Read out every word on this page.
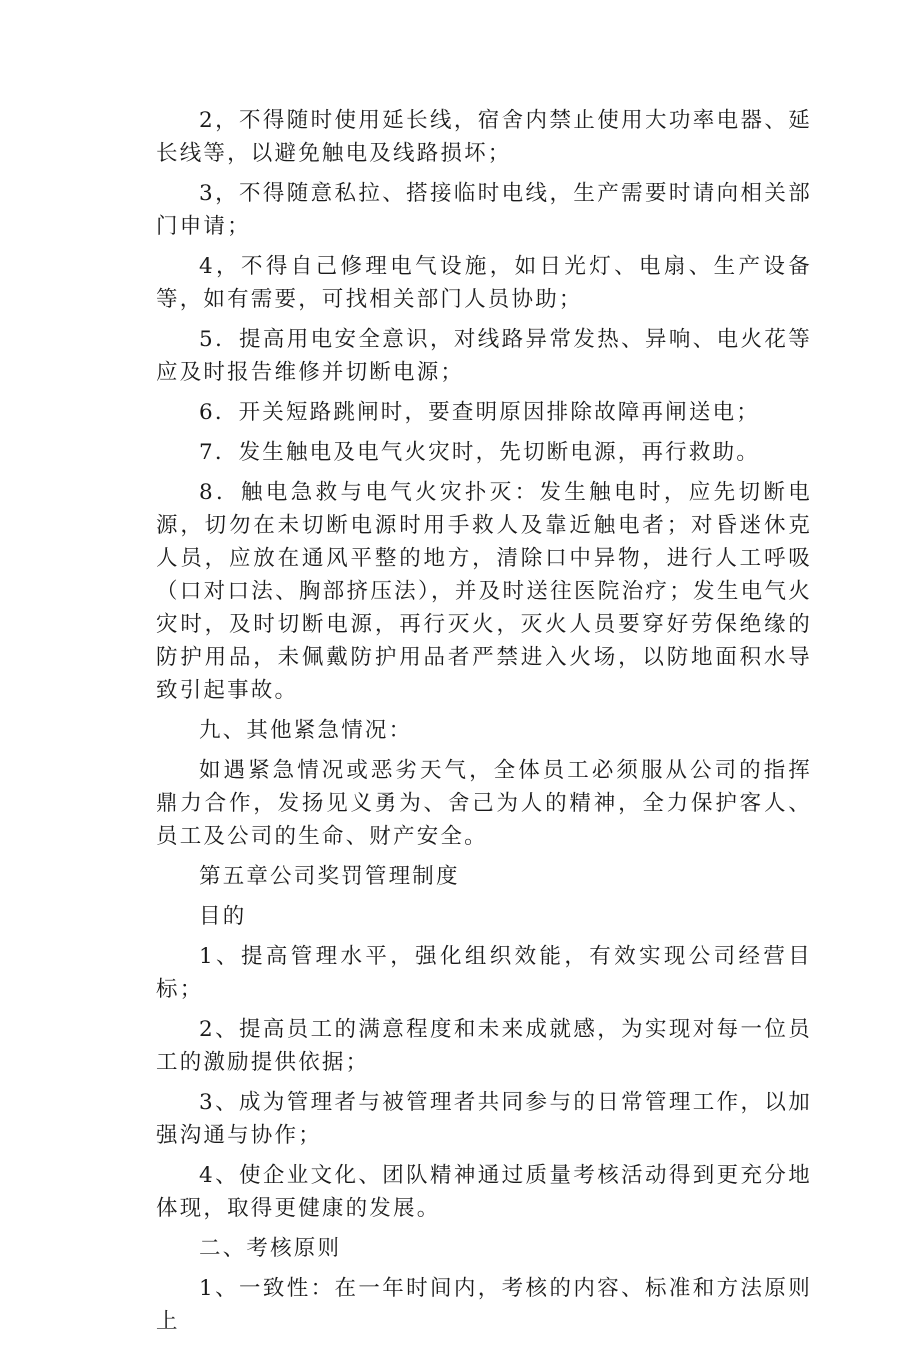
2，不得随时使用延长线，宿舍内禁止使用大功率电器、延长线等，以避免触电及线路损坏；

3，不得随意私拉、搭接临时电线，生产需要时请向相关部门申请；

4，不得自己修理电气设施，如日光灯、电扇、生产设备等，如有需要，可找相关部门人员协助；

5．提高用电安全意识，对线路异常发热、异响、电火花等应及时报告维修并切断电源；

6．开关短路跳闸时，要查明原因排除故障再闸送电；

7．发生触电及电气火灾时，先切断电源，再行救助。

8．触电急救与电气火灾扑灭：发生触电时，应先切断电源，切勿在未切断电源时用手救人及靠近触电者；对昏迷休克人员，应放在通风平整的地方，清除口中异物，进行人工呼吸（口对口法、胸部挤压法），并及时送往医院治疗；发生电气火灾时，及时切断电源，再行灭火，灭火人员要穿好劳保绝缘的防护用品，未佩戴防护用品者严禁进入火场，以防地面积水导致引起事故。

九、其他紧急情况：

如遇紧急情况或恶劣天气，全体员工必须服从公司的指挥鼎力合作，发扬见义勇为、舍己为人的精神，全力保护客人、员工及公司的生命、财产安全。

第五章公司奖罚管理制度

目的

1、提高管理水平，强化组织效能，有效实现公司经营目标；

2、提高员工的满意程度和未来成就感，为实现对每一位员工的激励提供依据；

3、成为管理者与被管理者共同参与的日常管理工作，以加强沟通与协作；

4、使企业文化、团队精神通过质量考核活动得到更充分地体现，取得更健康的发展。

二、考核原则

1、一致性：在一年时间内，考核的内容、标准和方法原则上
